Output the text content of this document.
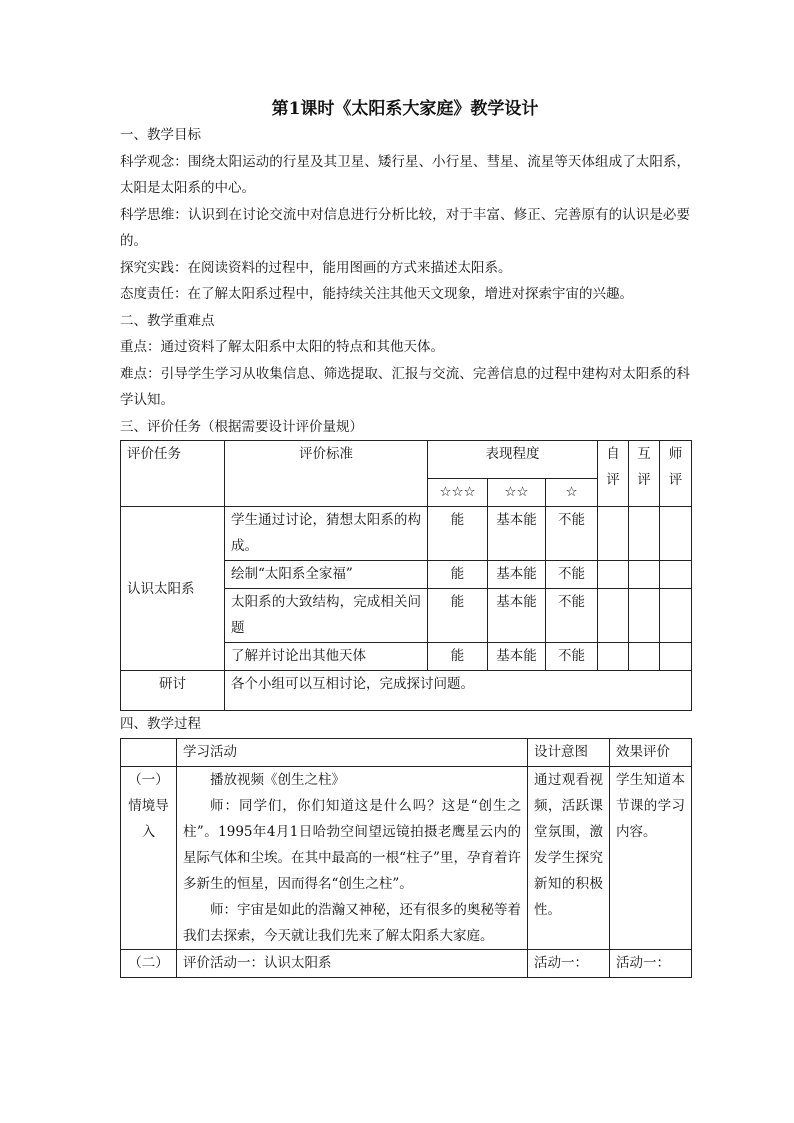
第1课时《太阳系大家庭》教学设计

一、教学目标

科学观念：围绕太阳运动的行星及其卫星、矮行星、小行星、彗星、流星等天体组成了太阳系，太阳是太阳系的中心。

科学思维：认识到在讨论交流中对信息进行分析比较，对于丰富、修正、完善原有的认识是必要的。

探究实践：在阅读资料的过程中，能用图画的方式来描述太阳系。

态度责任：在了解太阳系过程中，能持续关注其他天文现象，增进对探索宇宙的兴趣。

二、教学重难点

重点：通过资料了解太阳系中太阳的特点和其他天体。

难点：引导学生学习从收集信息、筛选提取、汇报与交流、完善信息的过程中建构对太阳系的科学认知。

三、评价任务（根据需要设计评价量规）

评价任务	评价标准	表现程度			自评	互评	师评
		☆☆☆	☆☆	☆			
认识太阳系	学生通过讨论，猜想太阳系的构成。	能	基本能	不能			
	绘制“太阳系全家福”	能	基本能	不能			
	太阳系的大致结构，完成相关问题	能	基本能	不能			
	了解并讨论出其他天体	能	基本能	不能			
研讨	各个小组可以互相讨论，完成探讨问题。						

四、教学过程

	学习活动	设计意图	效果评价
（一）情境导入	播放视频《创生之柱》
师：同学们，你们知道这是什么吗？这是“创生之柱”。1995年4月1日哈勃空间望远镜拍摄老鹰星云内的星际气体和尘埃。在其中最高的一根“柱子”里，孕育着许多新生的恒星，因而得名“创生之柱”。
师：宇宙是如此的浩瀚又神秘，还有很多的奥秘等着我们去探索，今天就让我们先来了解太阳系大家庭。	通过观看视频，活跃课堂氛围，激发学生探究新知的积极性。	学生知道本节课的学习内容。
（二）	评价活动一：认识太阳系	活动一：	活动一：
